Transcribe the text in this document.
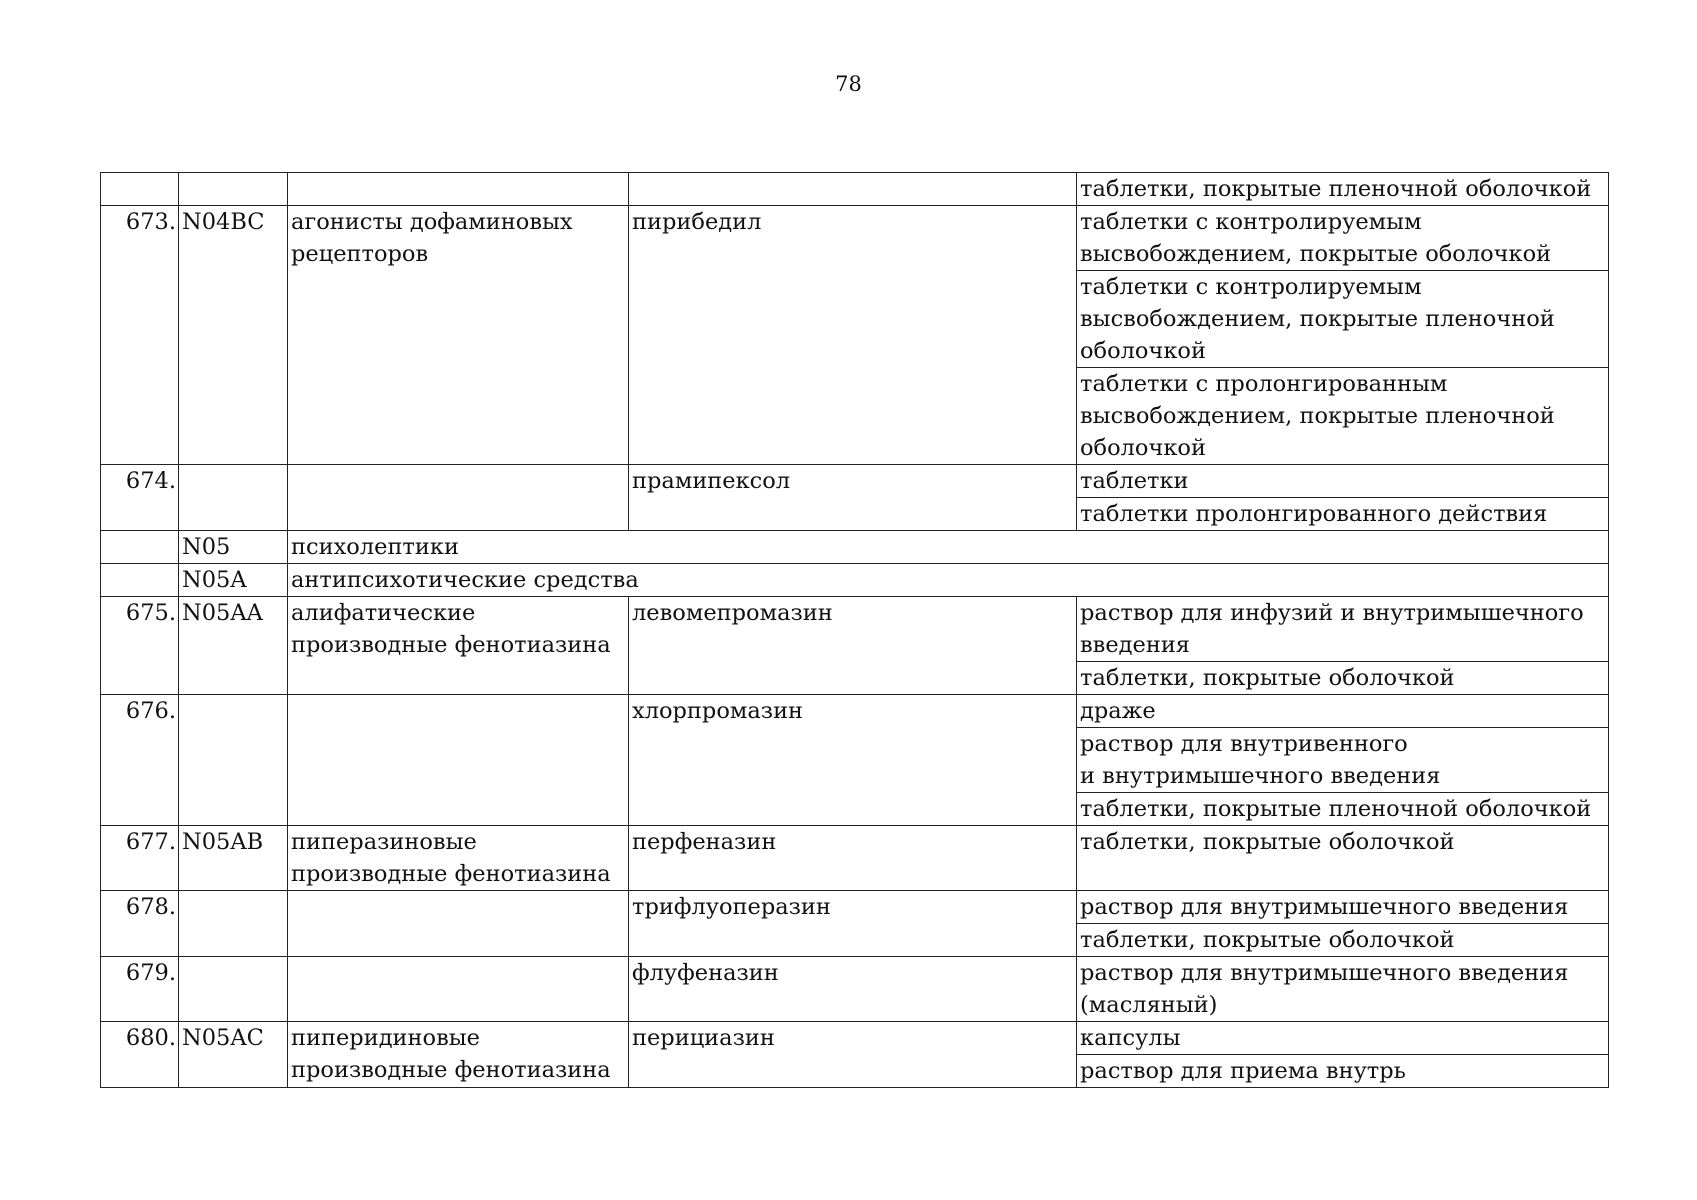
78
				таблетки, покрытые пленочной оболочкой
673.	N04BC	агонисты дофаминовых рецепторов	пирибедил	таблетки с контролируемым высвобождением, покрытые оболочкой
				таблетки с контролируемым высвобождением, покрытые пленочной оболочкой
				таблетки с пролонгированным высвобождением, покрытые пленочной оболочкой
674.			прамипексол	таблетки
				таблетки пролонгированного действия
	N05	психолептики		
	N05A	антипсихотические средства		
675.	N05AA	алифатические производные фенотиазина	левомепромазин	раствор для инфузий и внутримышечного введения
				таблетки, покрытые оболочкой
676.			хлорпромазин	драже
				раствор для внутривенного
и внутримышечного введения
				таблетки, покрытые пленочной оболочкой
677.	N05AB	пиперазиновые производные фенотиазина	перфеназин	таблетки, покрытые оболочкой
678.			трифлуоперазин	раствор для внутримышечного введения
				таблетки, покрытые оболочкой
679.			флуфеназин	раствор для внутримышечного введения (масляный)
680.	N05AC	пиперидиновые производные фенотиазина	перициазин	капсулы
				раствор для приема внутрь
